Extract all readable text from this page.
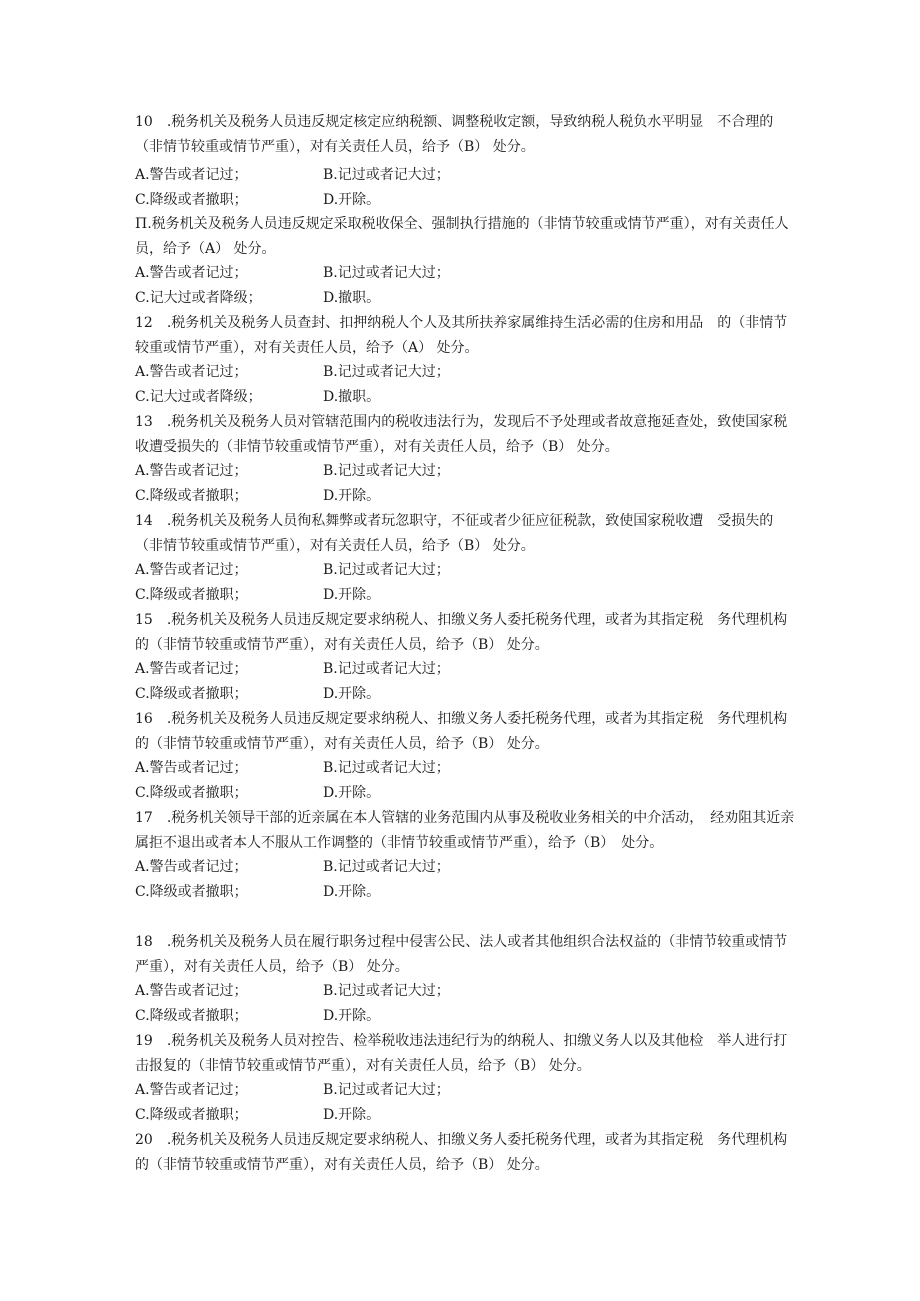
10　.税务机关及税务人员违反规定核定应纳税额、调整税收定额，导致纳税人税负水平明显　不合理的（非情节较重或情节严重），对有关责任人员，给予（B） 处分。

A.警告或者记过；	B.记过或者记大过；
C.降级或者撤职；	D.开除。

Π.税务机关及税务人员违反规定采取税收保全、强制执行措施的（非情节较重或情节严重），对有关责任人员，给予（A） 处分。

A.警告或者记过；	B.记过或者记大过；
C.记大过或者降级；	D.撤职。

12　.税务机关及税务人员查封、扣押纳税人个人及其所扶养家属维持生活必需的住房和用品　的（非情节较重或情节严重），对有关责任人员，给予（A） 处分。

A.警告或者记过；	B.记过或者记大过；
C.记大过或者降级；	D.撤职。

13　.税务机关及税务人员对管辖范围内的税收违法行为，发现后不予处理或者故意拖延查处，致使国家税收遭受损失的（非情节较重或情节严重），对有关责任人员，给予（B） 处分。

A.警告或者记过；	B.记过或者记大过；
C.降级或者撤职；	D.开除。

14　.税务机关及税务人员徇私舞弊或者玩忽职守，不征或者少征应征税款，致使国家税收遭　受损失的（非情节较重或情节严重），对有关责任人员，给予（B） 处分。

A.警告或者记过；	B.记过或者记大过；
C.降级或者撤职；	D.开除。

15　.税务机关及税务人员违反规定要求纳税人、扣缴义务人委托税务代理，或者为其指定税　务代理机构的（非情节较重或情节严重），对有关责任人员，给予（B） 处分。

A.警告或者记过；	B.记过或者记大过；
C.降级或者撤职；	D.开除。

16　.税务机关及税务人员违反规定要求纳税人、扣缴义务人委托税务代理，或者为其指定税　务代理机构的（非情节较重或情节严重），对有关责任人员，给予（B） 处分。

A.警告或者记过；	B.记过或者记大过；
C.降级或者撤职；	D.开除。

17　.税务机关领导干部的近亲属在本人管辖的业务范围内从事及税收业务相关的中介活动，　经劝阻其近亲属拒不退出或者本人不服从工作调整的（非情节较重或情节严重），给予（B）　处分。

A.警告或者记过；	B.记过或者记大过；
C.降级或者撤职；	D.开除。

18　.税务机关及税务人员在履行职务过程中侵害公民、法人或者其他组织合法权益的（非情节较重或情节严重），对有关责任人员，给予（B） 处分。

A.警告或者记过；	B.记过或者记大过；
C.降级或者撤职；	D.开除。

19　.税务机关及税务人员对控告、检举税收违法违纪行为的纳税人、扣缴义务人以及其他检　举人进行打击报复的（非情节较重或情节严重），对有关责任人员，给予（B） 处分。

A.警告或者记过；	B.记过或者记大过；
C.降级或者撤职；	D.开除。

20　.税务机关及税务人员违反规定要求纳税人、扣缴义务人委托税务代理，或者为其指定税　务代理机构的（非情节较重或情节严重），对有关责任人员，给予（B） 处分。
